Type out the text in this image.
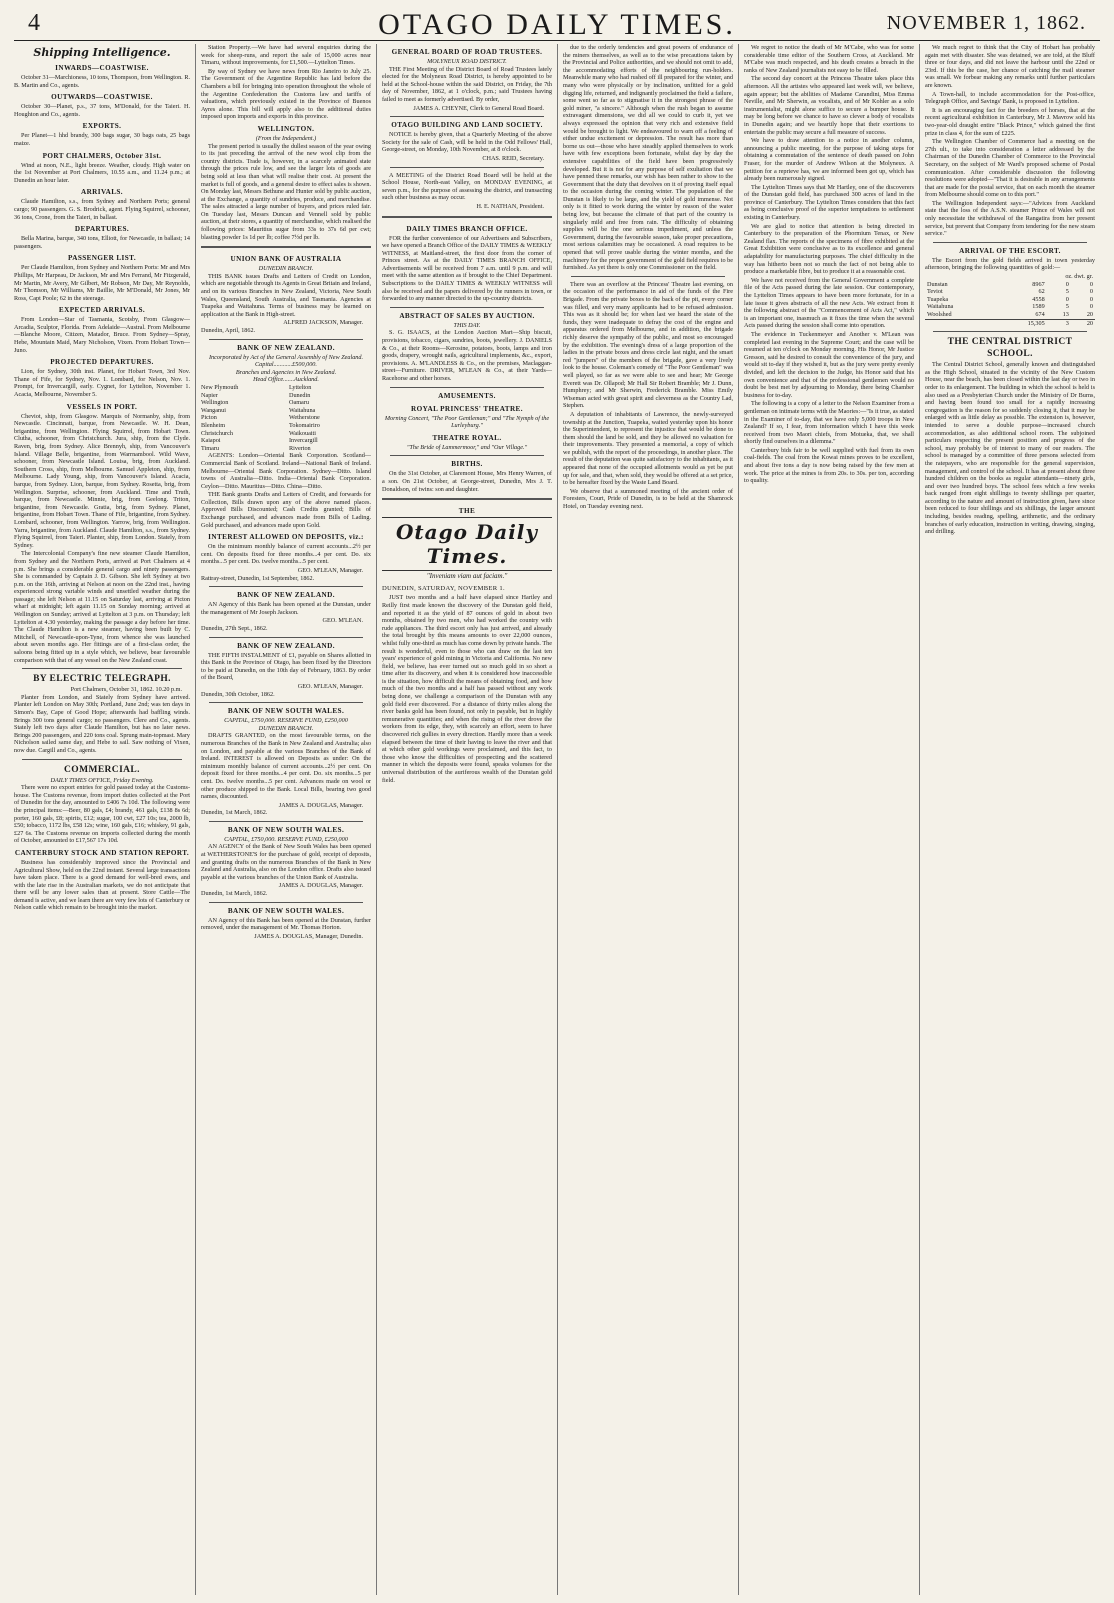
4	OTAGO DAILY TIMES.	NOVEMBER 1, 1862.
Shipping Intelligence.
INWARDS—COASTWISE.

October 31—Marchioness, 10 tons, Thompson, from Wellington. R. B. Martin and Co., agents.

OUTWARDS—COASTWISE.

October 30—Planet, p.s., 37 tons, M'Donald, for the Taieri. H. Houghton and Co., agents.

EXPORTS.

Per Planet—1 hhd brandy, 300 bags sugar, 30 bags oats, 25 bags maize.

PORT CHALMERS, October 31st.

Wind at noon, N.E., light breeze. Weather, cloudy. High water on the 1st November at Port Chalmers, 10.55 a.m., and 11.24 p.m.; at Dunedin an hour later.

ARRIVALS.

Claude Hamilton, s.s., from Sydney and Northern Ports; general cargo; 90 passengers. G. S. Brodrick, agent. Flying Squirrel, schooner, 36 tons, Crone, from the Taieri, in ballast.

DEPARTURES.

Bella Marina, barque, 340 tons, Elliott, for Newcastle, in ballast; 14 passengers.

PASSENGER LIST.

Per Claude Hamilton, from Sydney and Northern Ports: Mr and Mrs Phillips, Mr Harpeau, Dr Jackson, Mr and Mrs Ferrand, Mr Fitzgerald, Mr Martin, Mr Avery, Mr Gilbert, Mr Robson, Mr Day, Mr Reynolds, Mr Thomson, Mr Williams, Mr Baillie, Mr M'Donald, Mr Jones, Mr Ross, Capt Poole; 62 in the steerage.

EXPECTED ARRIVALS.

From London—Star of Tasmania, Scotsby, From Glasgow—Arcadia, Sculptor, Florida. From Adelaide—Austral. From Melbourne—Blanche Moore, Citizen, Matador, Bruce. From Sydney—Spray, Hebe, Mountain Maid, Mary Nicholson, Vixen. From Hobart Town—Juno.

PROJECTED DEPARTURES.

Lion, for Sydney, 30th inst. Planet, for Hobart Town, 3rd Nov. Thane of Fife, for Sydney, Nov. 1. Lombard, for Nelson, Nov. 1. Prompt, for Invercargill, early. Cygnet, for Lyttelton, November 1. Acacia, Melbourne, November 5.

VESSELS IN PORT.

Cheviot, ship, from Glasgow. Marquis of Normanby, ship, from Newcastle. Cincinnati, barque, from Newcastle. W. H. Dean, brigantine, from Wellington. Flying Squirrel, from Hobart Town. Clutha, schooner, from Christchurch. Jura, ship, from the Clyde. Raven, brig, from Sydney. Alice Brennyh, ship, from Vancouver's Island. Village Belle, brigantine, from Warrnambool. Wild Wave, schooner, from Newcastle Island. Louisa, brig, from Auckland. Southern Cross, ship, from Melbourne. Samuel Appleton, ship, from Melbourne. Lady Young, ship, from Vancouver's Island. Acacia, barque, from Sydney. Lion, barque, from Sydney. Rosetta, brig, from Wellington. Surprise, schooner, from Auckland. Time and Truth, barque, from Newcastle. Minnie, brig, from Geelong. Triton, brigantine, from Newcastle. Gratia, brig, from Sydney. Planet, brigantine, from Hobart Town. Thane of Fife, brigantine, from Sydney. Lombard, schooner, from Wellington. Yarrow, brig, from Wellington. Yarra, brigantine, from Auckland. Claude Hamilton, s.s., from Sydney. Flying Squirrel, from Taieri. Planter, ship, from London. Stately, from Sydney.

The Intercolonial Company's fine new steamer Claude Hamilton, from Sydney and the Northern Ports, arrived at Port Chalmers at 4 p.m. She brings a considerable general cargo and ninety passengers. She is commanded by Captain J. D. Gibson. She left Sydney at two p.m. on the 16th, arriving at Nelson at noon on the 22nd inst., having experienced strong variable winds and unsettled weather during the passage; she left Nelson at 11.15 on Saturday last, arriving at Picton wharf at midnight; left again 11.15 on Sunday morning; arrived at Wellington on Sunday; arrived at Lyttelton at 3 p.m. on Thursday; left Lyttelton at 4.30 yesterday, making the passage a day before her time. The Claude Hamilton is a new steamer, having been built by C. Mitchell, of Newcastle-upon-Tyne, from whence she was launched about seven months ago. Her fittings are of a first-class order, the saloons being fitted up in a style which, we believe, bear favourable comparison with that of any vessel on the New Zealand coast.

BY ELECTRIC TELEGRAPH.
Port Chalmers, October 31, 1862. 10.20 p.m.

Planter from London, and Stately from Sydney have arrived. Planter left London on May 30th; Portland, June 2nd; was ten days in Simon's Bay, Cape of Good Hope; afterwards had baffling winds. Brings 300 tons general cargo; no passengers. Clere and Co., agents. Stately left two days after Claude Hamilton, but has no later news. Brings 200 passengers, and 220 tons coal. Sprung main-topmast. Mary Nicholson sailed same day, and Hebe to sail. Saw nothing of Vixen, now due. Cargill and Co., agents.

COMMERCIAL.
DAILY TIMES OFFICE, Friday Evening.

There were no export entries for gold passed today at the Customs-house. The Customs revenue, from import duties collected at the Port of Dunedin for the day, amounted to £406 7s 10d. The following were the principal items:—Beer, 80 gals, £4; brandy, 461 gals, £138 8s 6d; porter, 160 gals, £8; spirits, £12; sugar, 100 cwt, £27 10s; tea, 2000 lb, £50; tobacco, 1172 lbs, £58 12s; wine, 160 gals, £16; whiskey, 91 gals, £27 6s. The Customs revenue on imports collected during the month of October, amounted to £17,567 17s 10d.

CANTERBURY STOCK AND STATION REPORT.

Business has considerably improved since the Provincial and Agricultural Show, held on the 22nd instant. Several large transactions have taken place. There is a good demand for well-bred ewes, and with the late rise in the Australian markets, we do not anticipate that there will be any lower sales than at present. Store Cattle—The demand is active, and we learn there are very few lots of Canterbury or Nelson cattle which remain to be brought into the market.

Station Property.—We have had several enquiries during the week for sheep-runs, and report the sale of 15,000 acres near Timaru, without improvements, for £1,500.—Lyttelton Times.

By way of Sydney we have news from Rio Janeiro to July 25. The Government of the Argentine Republic has laid before the Chambers a bill for bringing into operation throughout the whole of the Argentine Confederation the Customs law and tariffs of valuations, which previously existed in the Province of Buenos Ayres alone. This bill will apply also to the additional duties imposed upon imports and exports in this province.

WELLINGTON.
(From the Independent.)

The present period is usually the dullest season of the year owing to its just preceding the arrival of the new wool clip from the country districts. Trade is, however, in a scarcely animated state through the prices rule low, and see the larger lots of goods are being sold at less than what will realise their cost. At present the market is full of goods, and a general desire to effect sales is shown. On Monday last, Messrs Bethune and Hunter sold by public auction, at the Exchange, a quantity of sundries, produce, and merchandise. The sales attracted a large number of buyers, and prices ruled fair. On Tuesday last, Messrs Duncan and Vennell sold by public auction, at their stores, a quantity of merchandise, which realised the following prices: Mauritius sugar from 33s to 37s 6d per cwt; blasting powder 1s 1d per lb; coffee 7½d per lb.

UNION BANK OF AUSTRALIA
DUNEDIN BRANCH.

THIS BANK issues Drafts and Letters of Credit on London, which are negotiable through its Agents in Great Britain and Ireland, and on its various Branches in New Zealand, Victoria, New South Wales, Queensland, South Australia, and Tasmania. Agencies at Tuapeka and Waitahuna. Terms of business may be learned on application at the Bank in High-street.

ALFRED JACKSON, Manager.
Dunedin, April, 1862.
BANK OF NEW ZEALAND.
Incorporated by Act of the General Assembly of New Zealand.
Capital............£500,000.
Branches and Agencies in New Zealand.
Head Office.......Auckland.
New Plymouth
Napier
Wellington
Wanganui
Picton
Blenheim
Christchurch
Kaiapoi
Timaru
Lyttelton
Dunedin
Oamaru
Waitahuna
Wetherstone
Tokomairiro
Waikouaiti
Invercargill
Riverton

AGENTS: London—Oriental Bank Corporation. Scotland—Commercial Bank of Scotland. Ireland—National Bank of Ireland. Melbourne—Oriental Bank Corporation. Sydney—Ditto. Island towns of Australia—Ditto. India—Oriental Bank Corporation. Ceylon—Ditto. Mauritius—Ditto. China—Ditto.

THE Bank grants Drafts and Letters of Credit, and forwards for Collection, Bills drawn upon any of the above named places. Approved Bills Discounted; Cash Credits granted; Bills of Exchange purchased, and advances made from Bills of Lading. Gold purchased, and advances made upon Gold.

INTEREST ALLOWED ON DEPOSITS, viz.:

On the minimum monthly balance of current accounts...2½ per cent. On deposits fixed for three months...4 per cent. Do. six months...5 per cent. Do. twelve months...5 per cent.

GEO. M'LEAN, Manager.
Rattray-street, Dunedin, 1st September, 1862.
BANK OF NEW ZEALAND.

AN Agency of this Bank has been opened at the Dunstan, under the management of Mr Joseph Jackson.

GEO. M'LEAN.
Dunedin, 27th Sept., 1862.
BANK OF NEW ZEALAND.

THE FIFTH INSTALMENT of £1, payable on Shares allotted in this Bank in the Province of Otago, has been fixed by the Directors to be paid at Dunedin, on the 10th day of February, 1863. By order of the Board,

GEO. M'LEAN, Manager.
Dunedin, 30th October, 1862.
BANK OF NEW SOUTH WALES.
CAPITAL, £750,000. RESERVE FUND, £250,000
DUNEDIN BRANCH.

DRAFTS GRANTED, on the most favourable terms, on the numerous Branches of the Bank in New Zealand and Australia; also on London, and payable at the various Branches of the Bank of Ireland. INTEREST is allowed on Deposits as under: On the minimum monthly balance of current accounts...2½ per cent. On deposit fixed for three months...4 per cent. Do. six months...5 per cent. Do. twelve months...5 per cent. Advances made on wool or other produce shipped to the Bank. Local Bills, bearing two good names, discounted.

JAMES A. DOUGLAS, Manager.
Dunedin, 1st March, 1862.
BANK OF NEW SOUTH WALES.
CAPITAL, £750,000. RESERVE FUND, £250,000

AN AGENCY of the Bank of New South Wales has been opened at WETHERSTONE'S for the purchase of gold, receipt of deposits, and granting drafts on the numerous Branches of the Bank in New Zealand and Australia, also on the London office. Drafts also issued payable at the various branches of the Union Bank of Australia.

JAMES A. DOUGLAS, Manager.
Dunedin, 1st March, 1862.
BANK OF NEW SOUTH WALES.

AN Agency of this Bank has been opened at the Dunstan, further removed, under the management of Mr. Thomas Horton.

JAMES A. DOUGLAS, Manager, Dunedin.
GENERAL BOARD OF ROAD TRUSTEES.
MOLYNEUX ROAD DISTRICT.

THE First Meeting of the District Board of Road Trustees lately elected for the Molyneux Road District, is hereby appointed to be held at the School-house within the said District, on Friday, the 7th day of November, 1862, at 1 o'clock, p.m.; said Trustees having failed to meet as formerly advertised. By order,

JAMES A. CHEYNE, Clerk to General Road Board.
OTAGO BUILDING AND LAND SOCIETY.

NOTICE is hereby given, that a Quarterly Meeting of the above Society for the sale of Cash, will be held in the Odd Fellows' Hall, George-street, on Monday, 10th November, at 8 o'clock.

CHAS. REID, Secretary.

A MEETING of the District Road Board will be held at the School House, North-east Valley, on MONDAY EVENING, at seven p.m., for the purpose of assessing the district, and transacting such other business as may occur.

H. E. NATHAN, President.
DAILY TIMES BRANCH OFFICE.

FOR the further convenience of our Advertisers and Subscribers, we have opened a Branch Office of the DAILY TIMES & WEEKLY WITNESS, at Maitland-street, the first door from the corner of Princes street. As at the DAILY TIMES BRANCH OFFICE, Advertisements will be received from 7 a.m. until 9 p.m. and will meet with the same attention as if brought to the Chief Department. Subscriptions to the DAILY TIMES & WEEKLY WITNESS will also be received and the papers delivered by the runners in town, or forwarded to any manner directed to the up-country districts.

ABSTRACT OF SALES BY AUCTION.
THIS DAY.

S. G. ISAACS, at the London Auction Mart—Ship biscuit, provisions, tobacco, cigars, sundries, boots, jewellery. J. DANIELS & Co., at their Rooms—Kerosine, potatoes, boots, lamps and iron goods, drapery, wrought nails, agricultural implements, &c., export, provisions. A. M'LANDLESS & Co., on the premises, Maclaggan-street—Furniture. DRIVER, M'LEAN & Co., at their Yards—Racehorse and other horses.

AMUSEMENTS.
ROYAL PRINCESS' THEATRE.
Morning Concert, "The Poor Gentleman;" and "The Nymph of the Lurleyburg."
THEATRE ROYAL.
"The Bride of Lammermoor," and "Our Village."
BIRTHS.

On the 31st October, at Claremont House, Mrs Henry Warren, of a son. On 21st October, at George-street, Dunedin, Mrs J. T. Donaldson, of twins: son and daughter.

THE
Otago Daily Times.
"Inveniam viam aut faciam."
DUNEDIN, SATURDAY, NOVEMBER 1.

JUST two months and a half have elapsed since Hartley and Reilly first made known the discovery of the Dunstan gold field, and reported it as the yield of 87 ounces of gold in about two months, obtained by two men, who had worked the country with rude appliances. The third escort only has just arrived, and already the total brought by this means amounts to over 22,000 ounces, whilst fully one-third as much has come down by private hands. The result is wonderful, even to those who can draw on the last ten years' experience of gold mining in Victoria and California. No new field, we believe, has ever turned out so much gold in so short a time after its discovery, and when it is considered how inaccessible is the situation, how difficult the means of obtaining food, and how much of the two months and a half has passed without any work being done, we challenge a comparison of the Dunstan with any gold field ever discovered. For a distance of thirty miles along the river banks gold has been found, not only in payable, but in highly remunerative quantities; and when the rising of the river drove the workers from its edge, they, with scarcely an effort, seem to have discovered rich gullies in every direction. Hardly more than a week elapsed between the time of their having to leave the river and that at which other gold workings were proclaimed, and this fact, to those who know the difficulties of prospecting and the scattered manner in which the deposits were found, speaks volumes for the universal distribution of the auriferous wealth of the Dunstan gold field.

due to the orderly tendencies and great powers of endurance of the miners themselves, as well as to the wise precautions taken by the Provincial and Police authorities, and we should not omit to add, the accommodating efforts of the neighbouring run-holders. Meanwhile many who had rushed off ill prepared for the winter, and many who were physically or by inclination, unfitted for a gold digging life, returned, and indignantly proclaimed the field a failure, some went so far as to stigmatise it in the strongest phrase of the gold miner, "a sincere." Although when the rush began to assume extravagant dimensions, we did all we could to curb it, yet we always expressed the opinion that very rich and extensive field would be brought to light. We endeavoured to warn off a feeling of either undue excitement or depression. The result has more than borne us out—those who have steadily applied themselves to work have with few exceptions been fortunate, whilst day by day the extensive capabilities of the field have been progressively developed. But it is not for any purpose of self exultation that we have penned these remarks, our wish has been rather to show to the Government that the duty that devolves on it of proving itself equal to the occasion during the coming winter. The population of the Dunstan is likely to be large, and the yield of gold immense. Not only is it fitted to work during the winter by reason of the water being low, but because the climate of that part of the country is singularly mild and free from rain. The difficulty of obtaining supplies will be the one serious impediment, and unless the Government, during the favourable season, take proper precautions, most serious calamities may be occasioned. A road requires to be opened that will prove usable during the winter months, and the machinery for the proper government of the gold field requires to be furnished. As yet there is only one Commissioner on the field.

There was an overflow at the Princess' Theatre last evening, on the occasion of the performance in aid of the funds of the Fire Brigade. From the private boxes to the back of the pit, every corner was filled, and very many applicants had to be refused admission. This was as it should be; for when last we heard the state of the funds, they were inadequate to defray the cost of the engine and apparatus ordered from Melbourne, and in addition, the brigade richly deserve the sympathy of the public, and most so encouraged by the exhibition. The evening's dress of a large proportion of the ladies in the private boxes and dress circle last night, and the smart red "jumpers" of the members of the brigade, gave a very lively look to the house. Coleman's comedy of "The Poor Gentleman" was well played, so far as we were able to see and hear; Mr George Everett was Dr. Ollapod; Mr Hall Sir Robert Bramble; Mr J. Dunn, Humphrey; and Mr Sherwin, Frederick Bramble. Miss Emily Wiseman acted with great spirit and cleverness as the Country Lad, Stephen.

A deputation of inhabitants of Lawrence, the newly-surveyed township at the Junction, Tuapeka, waited yesterday upon his honor the Superintendent, to represent the injustice that would be done to them should the land be sold, and they be allowed no valuation for their improvements. They presented a memorial, a copy of which we publish, with the report of the proceedings, in another place. The result of the deputation was quite satisfactory to the inhabitants, as it appeared that none of the occupied allotments would as yet be put up for sale, and that, when sold, they would be offered at a set price, to be hereafter fixed by the Waste Land Board.

We observe that a summoned meeting of the ancient order of Foresters, Court, Pride of Dunedin, is to be held at the Shamrock Hotel, on Tuesday evening next.

We regret to notice the death of Mr M'Cabe, who was for some considerable time editor of the Southern Cross, at Auckland. Mr M'Cabe was much respected, and his death creates a breach in the ranks of New Zealand journalists not easy to be filled.

The second day concert at the Princess Theatre takes place this afternoon. All the artistes who appeared last week will, we believe, again appear; but the abilities of Madame Carandini, Miss Emma Neville, and Mr Sherwin, as vocalists, and of Mr Kohler as a solo instrumentalist, might alone suffice to secure a bumper house. It may be long before we chance to have so clever a body of vocalists in Dunedin again; and we heartily hope that their exertions to entertain the public may secure a full measure of success.

We have to draw attention to a notice in another column, announcing a public meeting, for the purpose of taking steps for obtaining a commutation of the sentence of death passed on John Fraser, for the murder of Andrew Wilson at the Molyneux. A petition for a reprieve has, we are informed been got up, which has already been numerously signed.

The Lyttelton Times says that Mr Hartley, one of the discoverers of the Dunstan gold field, has purchased 300 acres of land in the province of Canterbury. The Lyttelton Times considers that this fact as being conclusive proof of the superior temptations to settlement existing in Canterbury.

We are glad to notice that attention is being directed in Canterbury to the preparation of the Phormium Tenax, or New Zealand flax. The reports of the specimens of fibre exhibited at the Great Exhibition were conclusive as to its excellence and general adaptability for manufacturing purposes. The chief difficulty in the way has hitherto been not so much the fact of not being able to produce a marketable fibre, but to produce it at a reasonable cost.

We have not received from the General Government a complete file of the Acts passed during the late session. Our contemporary, the Lyttelton Times appears to have been more fortunate, for in a late issue it gives abstracts of all the new Acts. We extract from it the following abstract of the "Commencement of Acts Act," which is an important one, inasmuch as it fixes the time when the several Acts passed during the session shall come into operation.

The evidence in Tuckenmeyer and Another v. M'Lean was completed last evening in the Supreme Court; and the case will be resumed at ten o'clock on Monday morning. His Honor, Mr Justice Gresson, said he desired to consult the convenience of the jury, and would sit to-day if they wished it, but as the jury were pretty evenly divided, and left the decision to the Judge, his Honor said that his own convenience and that of the professional gentlemen would no doubt be best met by adjourning to Monday, there being Chamber business for to-day.

The following is a copy of a letter to the Nelson Examiner from a gentleman on intimate terms with the Maories:—"Is it true, as stated in the Examiner of to-day, that we have only 5,000 troops in New Zealand? If so, I fear, from information which I have this week received from two Maori chiefs, from Motueka, that, we shall shortly find ourselves in a dilemma."

Canterbury bids fair to be well supplied with fuel from its own coal-fields. The coal from the Kowai mines proves to be excellent, and about five tons a day is now being raised by the few men at work. The price at the mines is from 20s. to 30s. per ton, according to quality.

We much regret to think that the City of Hobart has probably again met with disaster. She was detained, we are told, at the Bluff three or four days, and did not leave the harbour until the 22nd or 23rd. If this be the case, her chance of catching the mail steamer was small. We forbear making any remarks until further particulars are known.

A Town-hall, to include accommodation for the Post-office, Telegraph Office, and Savings' Bank, is proposed in Lyttelton.

It is an encouraging fact for the breeders of horses, that at the recent agricultural exhibition in Canterbury, Mr J. Mavrow sold his two-year-old draught entire "Black Prince," which gained the first prize in class 4, for the sum of £225.

The Wellington Chamber of Commerce had a meeting on the 27th ult., to take into consideration a letter addressed by the Chairman of the Dunedin Chamber of Commerce to the Provincial Secretary, on the subject of Mr Ward's proposed scheme of Postal communication. After considerable discussion the following resolutions were adopted—"That it is desirable in any arrangements that are made for the postal service, that on each month the steamer from Melbourne should come on to this port."

The Wellington Independent says:—"Advices from Auckland state that the loss of the A.S.N. steamer Prince of Wales will not only necessitate the withdrawal of the Rangatira from her present service, but prevent that Company from tendering for the new steam service."

ARRIVAL OF THE ESCORT.

The Escort from the gold fields arrived in town yesterday afternoon, bringing the following quantities of gold:—

	oz. dwt. gr.		
Dunstan	8967	0	0
Teviot	62	5	0
Tuapeka	4558	0	0
Waitahuna	1589	5	0
Woolshed	674	13	20
	15,305	3	20
THE CENTRAL DISTRICT SCHOOL.

The Central District School, generally known and distinguished as the High School, situated in the vicinity of the New Custom House, near the beach, has been closed within the last day or two in order to its enlargement. The building in which the school is held is also used as a Presbyterian Church under the Ministry of Dr Burns, and having been found too small for a rapidly increasing congregation is the reason for so suddenly closing it, that it may be enlarged with as little delay as possible. The extension is, however, intended to serve a double purpose—increased church accommodation, as also additional school room. The subjoined particulars respecting the present position and progress of the school, may probably be of interest to many of our readers. The school is managed by a committee of three persons selected from the ratepayers, who are responsible for the general supervision, management, and control of the school. It has at present about three hundred children on the books as regular attendants—ninety girls, and over two hundred boys. The school fees which a few weeks back ranged from eight shillings to twenty shillings per quarter, according to the nature and amount of instruction given, have since been reduced to four shillings and six shillings, the larger amount including, besides reading, spelling, arithmetic, and the ordinary branches of early education, instruction in writing, drawing, singing, and drilling.
